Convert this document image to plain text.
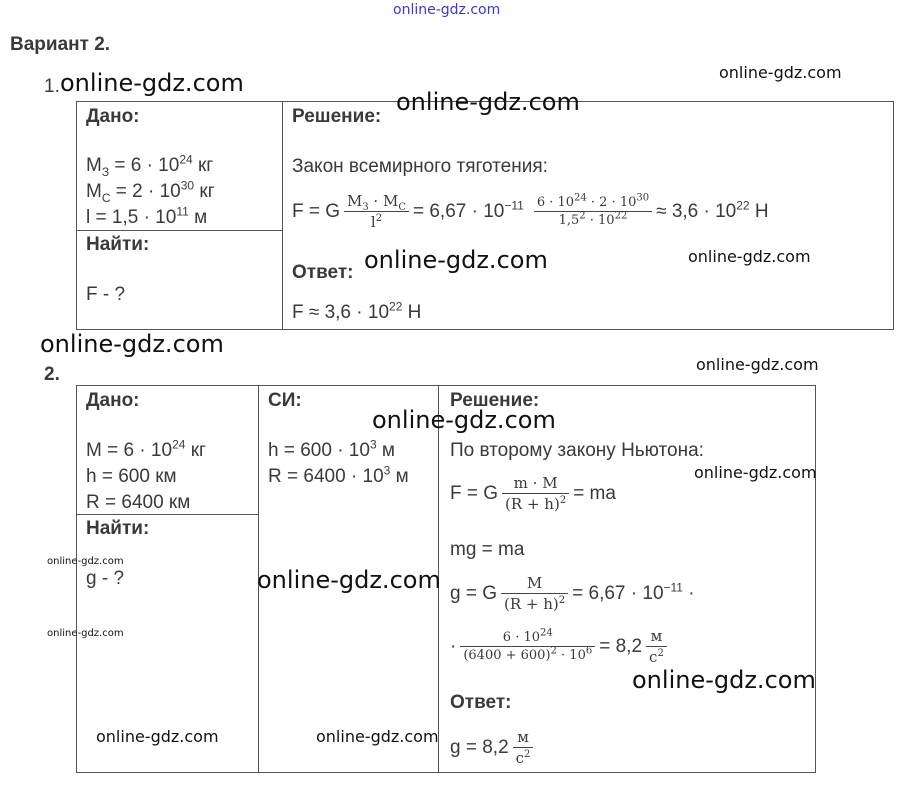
online-gdz.com
Вариант 2.
1.
Дано:
$M_З = 6 \cdot 10^{24}$ кг
$M_С = 2 \cdot 10^{30}$ кг
$l = 1,5 \cdot 10^{11}$ м
Найти:
F - ?
Решение:
Закон всемирного тяготения:
F = G $\frac{M_З \cdot M_С}{l^2} = 6,67 \cdot 10^{-11} \frac{6 \cdot 10^{24} \cdot 2 \cdot 10^{30}}{1,5^2 \cdot 10^{22}} \approx 3,6 \cdot 10^{22}$ Н
Ответ:
$F \approx 3,6 \cdot 10^{22}$ Н
2.
Дано:
$M = 6 \cdot 10^{24}$ кг
h = 600 км
R = 6400 км
Найти:
g - ?
СИ:
$h = 600 \cdot 10^3$ м
$R = 6400 \cdot 10^3$ м
Решение:
По второму закону Ньютона:
F = G $\frac{m \cdot M}{(R + h)^2}$ = ma
mg = ma
g = G $\frac{M}{(R + h)^2} = 6,67 \cdot 10^{-11}$ ·
· $\frac{6 \cdot 10^{24}}{(6400 + 600)^2 \cdot 10^6} = 8,2 \frac{м}{с^2}$
Ответ:
$g = 8,2 \frac{м}{с^2}$
online-gdz.com	online-gdz.com
online-gdz.com
online-gdz.com	online-gdz.com
online-gdz.com
online-gdz.com
online-gdz.com
online-gdz.com
online-gdz.com
online-gdz.com
online-gdz.com
online-gdz.com
online-gdz.com	online-gdz.com
